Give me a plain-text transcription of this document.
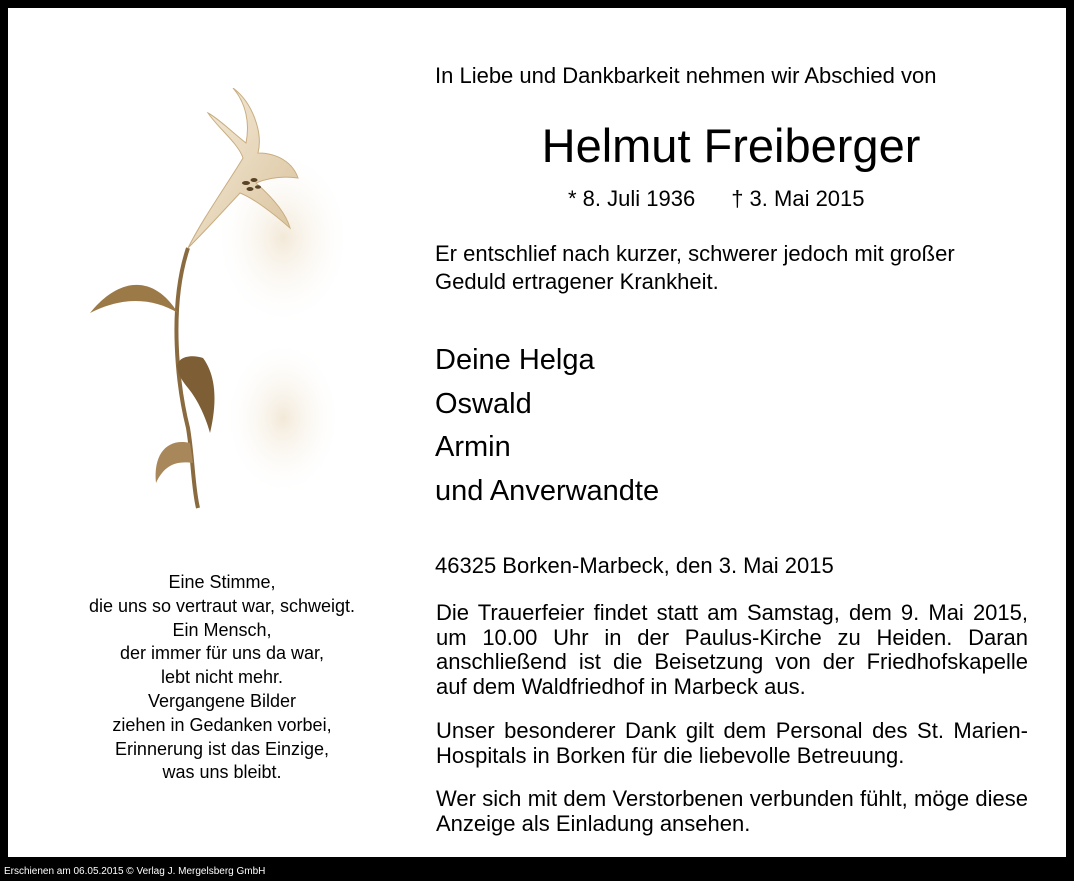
In Liebe und Dankbarkeit nehmen wir Abschied von
Helmut Freiberger
* 8. Juli 1936 † 3. Mai 2015
Er entschlief nach kurzer, schwerer jedoch mit großer
Geduld ertragener Krankheit.
Deine Helga
Oswald
Armin
und Anverwandte
46325 Borken-Marbeck, den 3. Mai 2015
Die Trauerfeier findet statt am Samstag, dem 9. Mai 2015, um 10.00 Uhr in der Paulus-Kirche zu Heiden. Daran anschließend ist die Beisetzung von der Friedhofskapelle auf dem Waldfriedhof in Marbeck aus.
Unser besonderer Dank gilt dem Personal des St. Marien-Hospitals in Borken für die liebevolle Betreuung.
Wer sich mit dem Verstorbenen verbunden fühlt, möge diese Anzeige als Einladung ansehen.
Eine Stimme,
die uns so vertraut war, schweigt.
Ein Mensch,
der immer für uns da war,
lebt nicht mehr.
Vergangene Bilder
ziehen in Gedanken vorbei,
Erinnerung ist das Einzige,
was uns bleibt.
Erschienen am 06.05.2015 © Verlag J. Mergelsberg GmbH
